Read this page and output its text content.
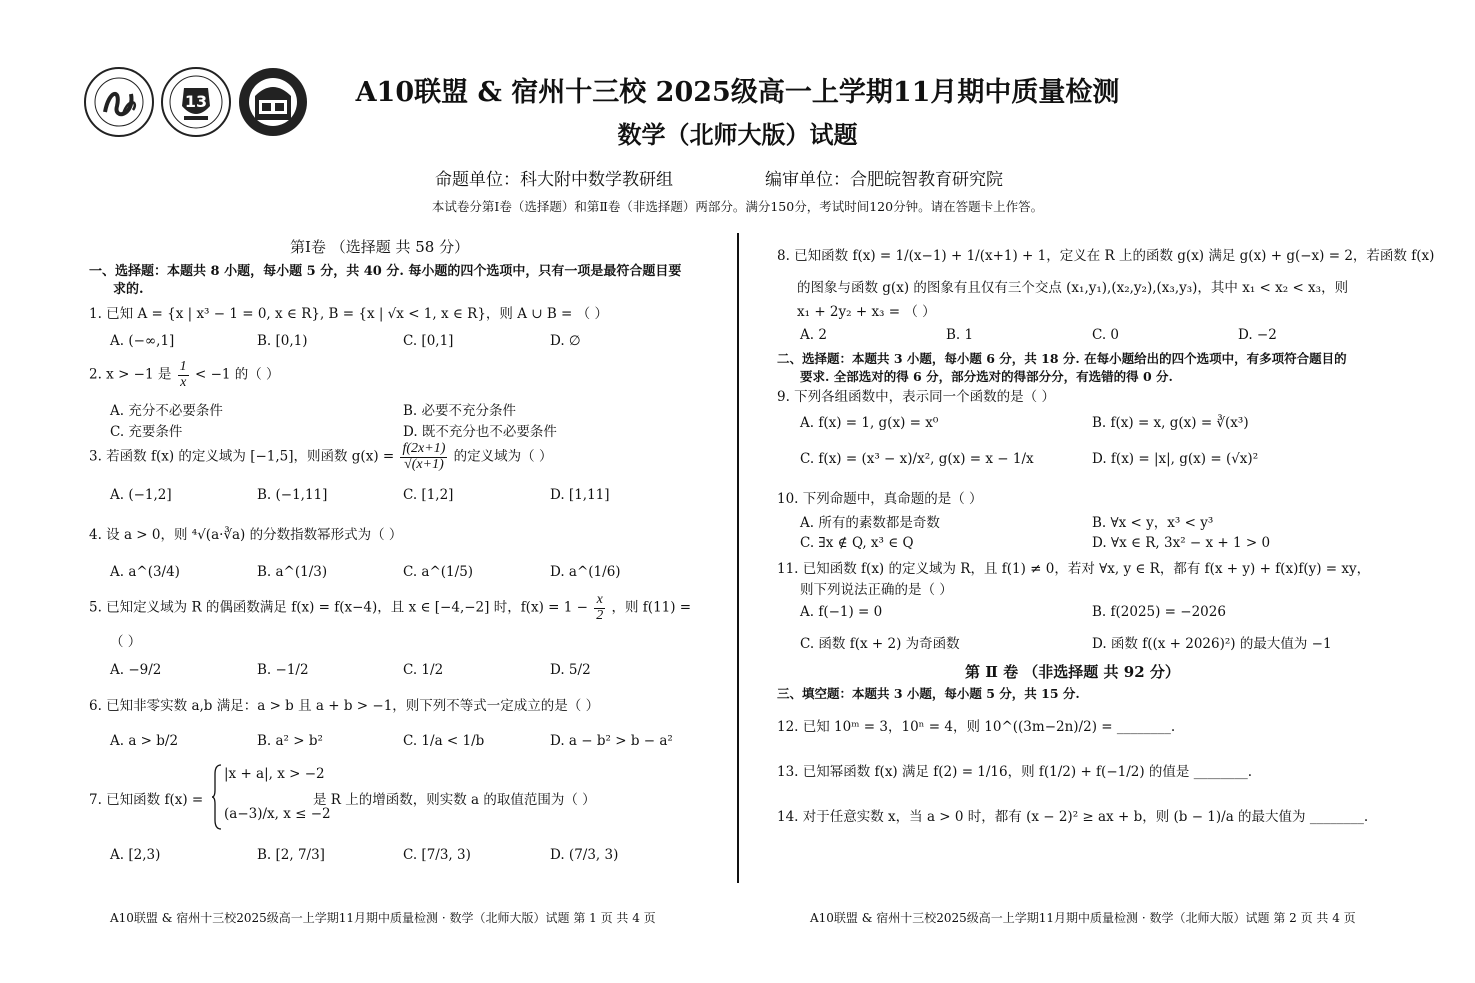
13	A10联盟 & 宿州十三校 2025级高一上学期11月期中质量检测
数学（北师大版）试题
命题单位：科大附中数学教研组	编审单位：合肥皖智教育研究院
本试卷分第Ⅰ卷（选择题）和第Ⅱ卷（非选择题）两部分。满分150分，考试时间120分钟。请在答题卡上作答。
第Ⅰ卷 （选择题 共 58 分）
一、选择题：本题共 8 小题，每小题 5 分，共 40 分. 每小题的四个选项中，只有一项是最符合题目要
求的.
1. 已知 A = {x | x³ − 1 = 0, x ∈ R}, B = {x | √x < 1, x ∈ R}，则 A ∪ B = （ ）
A. (−∞,1]	B. [0,1)	C. [0,1]	D. ∅
2. x > −1 是 $\frac{1}{x} < -1$ 的（ ）
A. 充分不必要条件	B. 必要不充分条件
C. 充要条件	D. 既不充分也不必要条件
3. 若函数 f(x) 的定义域为 [−1,5]，则函数 $g(x) = \frac{f(2x+1)}{√(x+1)}$ 的定义域为（ ）
A. (−1,2]	B. (−1,11]	C. [1,2]	D. [1,11]
4. 设 a > 0，则 ⁴√(a·∛a) 的分数指数幂形式为（ ）
A. a^(3/4)	B. a^(1/3)	C. a^(1/5)	D. a^(1/6)
5. 已知定义域为 R 的偶函数满足 f(x) = f(x−4)，且 x ∈ [−4,−2] 时，$f(x) = 1 - \frac{x}{2}$ ，则 f(11) =
（ ）
A. −9/2	B. −1/2	C. 1/2	D. 5/2
6. 已知非零实数 a,b 满足：a > b 且 a + b > −1，则下列不等式一定成立的是（ ）
A. a > b/2	B. a² > b²	C. 1/a < 1/b	D. a − b² > b − a²
7. 已知函数 f(x) =
|x + a|, x > −2
(a−3)/x, x ≤ −2
是 R 上的增函数，则实数 a 的取值范围为（ ）
A. [2,3)	B. [2, 7/3]	C. [7/3, 3)	D. (7/3, 3)
8. 已知函数 f(x) = 1/(x−1) + 1/(x+1) + 1，定义在 R 上的函数 g(x) 满足 g(x) + g(−x) = 2，若函数 f(x)
的图象与函数 g(x) 的图象有且仅有三个交点 (x₁,y₁),(x₂,y₂),(x₃,y₃)，其中 x₁ < x₂ < x₃，则
x₁ + 2y₂ + x₃ = （ ）
A. 2	B. 1	C. 0	D. −2
二、选择题：本题共 3 小题，每小题 6 分，共 18 分. 在每小题给出的四个选项中，有多项符合题目的
要求. 全部选对的得 6 分，部分选对的得部分分，有选错的得 0 分.
9. 下列各组函数中，表示同一个函数的是（ ）
A. f(x) = 1, g(x) = x⁰	B. f(x) = x, g(x) = ∛(x³)
C. f(x) = (x³ − x)/x², g(x) = x − 1/x	D. f(x) = |x|, g(x) = (√x)²
10. 下列命题中，真命题的是（ ）
A. 所有的素数都是奇数	B. ∀x < y，x³ < y³
C. ∃x ∉ Q, x³ ∈ Q	D. ∀x ∈ R, 3x² − x + 1 > 0
11. 已知函数 f(x) 的定义域为 R，且 f(1) ≠ 0，若对 ∀x, y ∈ R，都有 f(x + y) + f(x)f(y) = xy，
则下列说法正确的是（ ）
A. f(−1) = 0	B. f(2025) = −2026
C. 函数 f(x + 2) 为奇函数	D. 函数 f((x + 2026)²) 的最大值为 −1
第 Ⅱ 卷 （非选择题 共 92 分）
三、填空题：本题共 3 小题，每小题 5 分，共 15 分.
12. 已知 10ᵐ = 3，10ⁿ = 4，则 10^((3m−2n)/2) = ________.
13. 已知幂函数 f(x) 满足 f(2) = 1/16，则 f(1/2) + f(−1/2) 的值是 ________.
14. 对于任意实数 x，当 a > 0 时，都有 (x − 2)² ≥ ax + b，则 (b − 1)/a 的最大值为 ________.
A10联盟 & 宿州十三校2025级高一上学期11月期中质量检测 · 数学（北师大版）试题 第 1 页 共 4 页	A10联盟 & 宿州十三校2025级高一上学期11月期中质量检测 · 数学（北师大版）试题 第 2 页 共 4 页
